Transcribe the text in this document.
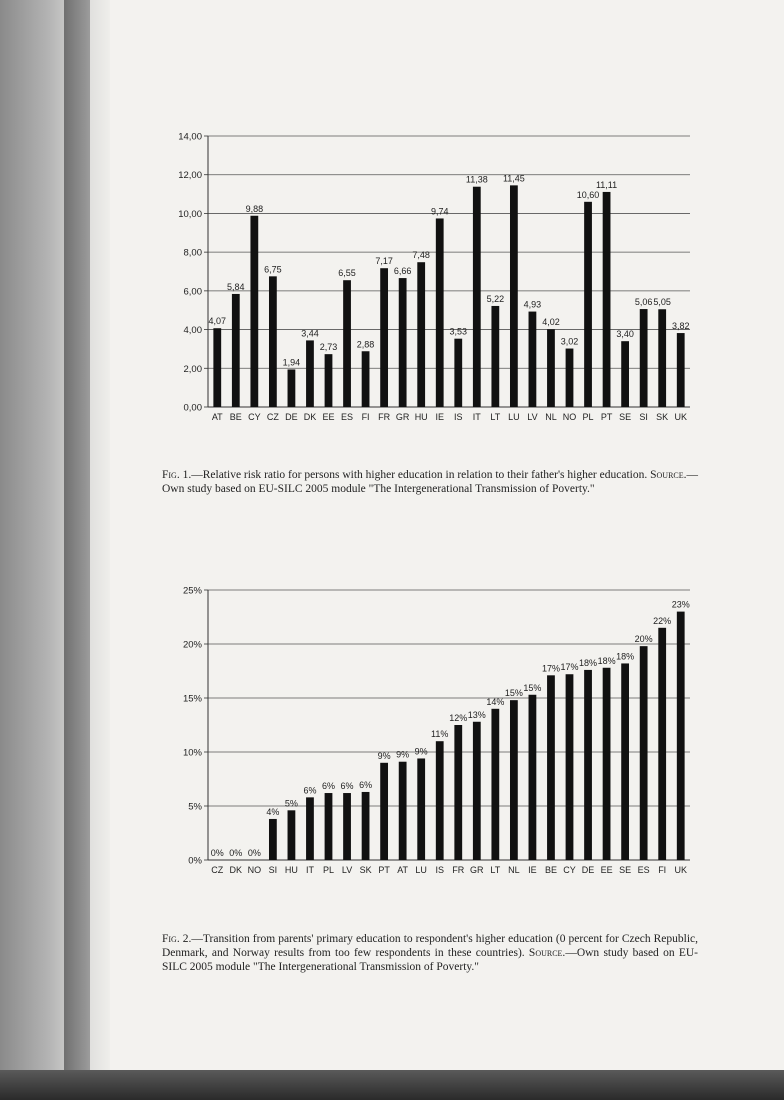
0,00
2,00
4,00
6,00
8,00
10,00
12,00
14,00
AT
4,07
BE
5,84
CY
9,88
CZ
6,75
DE
1,94
DK
3,44
EE
2,73
ES
6,55
FI
2,88
FR
7,17
GR
6,66
HU
7,48
IE
9,74
IS
3,53
IT
11,38
LT
5,22
LU
11,45
LV
4,93
NL
4,02
NO
3,02
PL
10,60
PT
11,11
SE
3,40
SI
5,06
SK
5,05
UK
3,82
0%
5%
10%
15%
20%
25%
CZ
0%
DK
0%
NO
0%
SI
4%
HU
5%
IT
6%
PL
6%
LV
6%
SK
6%
PT
9%
AT
9%
LU
9%
IS
11%
FR
12%
GR
13%
LT
14%
NL
15%
IE
15%
BE
17%
CY
17%
DE
18%
EE
18%
SE
18%
ES
20%
FI
22%
UK
23%
Fig. 1.—Relative risk ratio for persons with higher education in relation to their father's higher education. Source.—Own study based on EU-SILC 2005 module "The Intergenerational Transmission of Poverty."
Fig. 2.—Transition from parents' primary education to respondent's higher education (0 percent for Czech Republic, Denmark, and Norway results from too few respondents in these countries). Source.—Own study based on EU-SILC 2005 module "The Intergenerational Transmission of Poverty."
